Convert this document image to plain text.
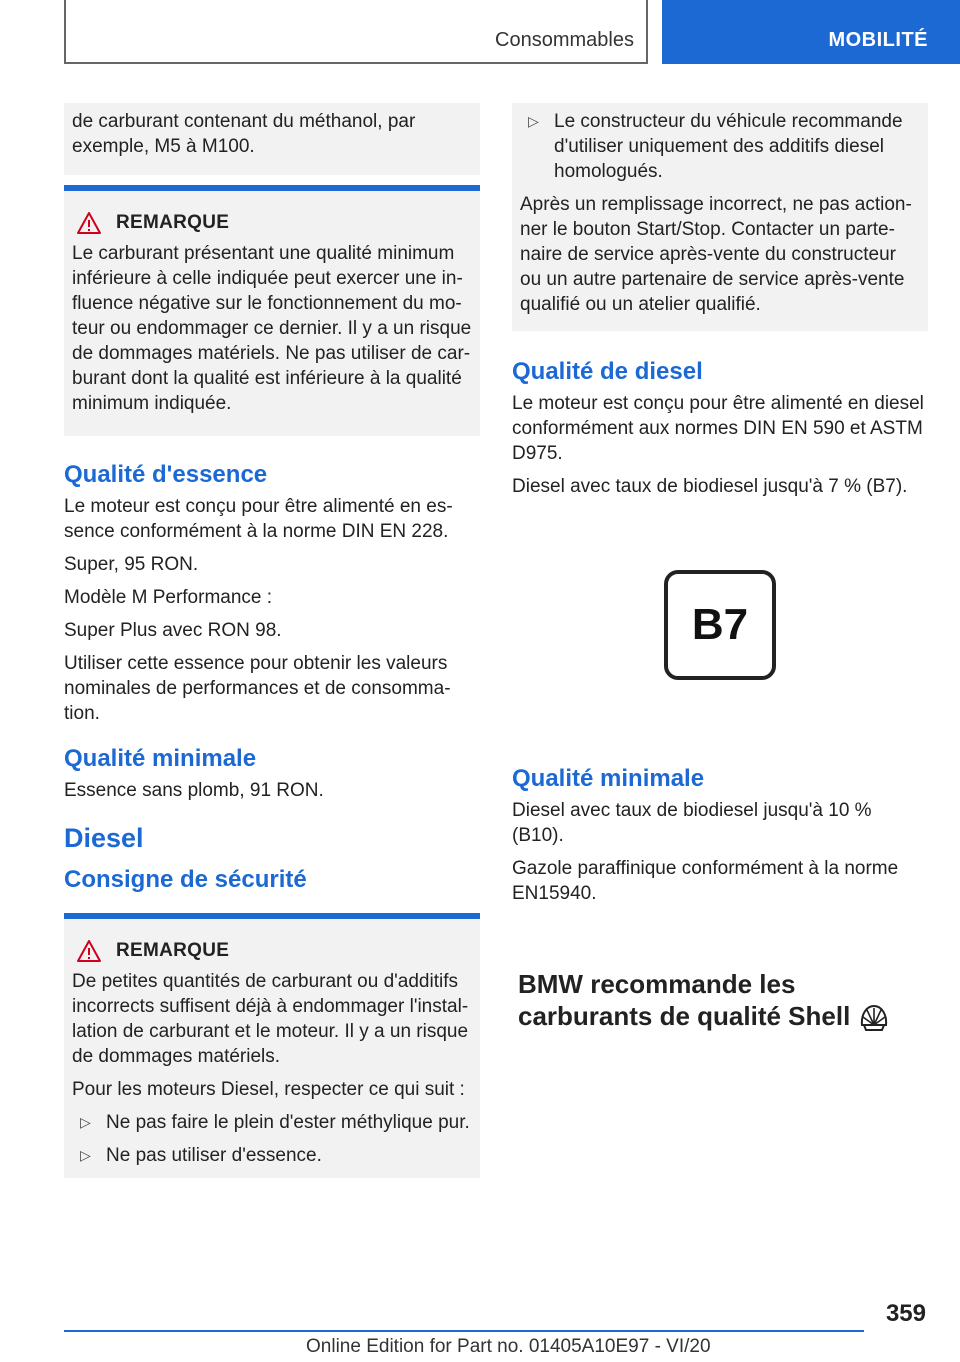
Consommables	MOBILITÉ

de carburant contenant du méthanol, par exemple, M5 à M100.

REMARQUE

Le carburant présentant une qualité minimum inférieure à celle indiquée peut exercer une influence négative sur le fonctionnement du moteur ou endommager ce dernier. Il y a un risque de dommages matériels. Ne pas utiliser de carburant dont la qualité est inférieure à la qualité minimum indiquée.

Qualité d'essence

Le moteur est conçu pour être alimenté en essence conformément à la norme DIN EN 228.

Super, 95 RON.

Modèle M Performance :

Super Plus avec RON 98.

Utiliser cette essence pour obtenir les valeurs nominales de performances et de consommation.

Qualité minimale

Essence sans plomb, 91 RON.

Diesel
Consigne de sécurité
REMARQUE

De petites quantités de carburant ou d'additifs incorrects suffisent déjà à endommager l'installation de carburant et le moteur. Il y a un risque de dommages matériels.

Pour les moteurs Diesel, respecter ce qui suit :

▷ Ne pas faire le plein d'ester méthylique pur.
▷ Ne pas utiliser d'essence.
▷ Le constructeur du véhicule recommande d'utiliser uniquement des additifs diesel homologués.

Après un remplissage incorrect, ne pas actionner le bouton Start/Stop. Contacter un partenaire de service après-vente du constructeur ou un autre partenaire de service après-vente qualifié ou un atelier qualifié.

Qualité de diesel

Le moteur est conçu pour être alimenté en diesel conformément aux normes DIN EN 590 et ASTM D975.

Diesel avec taux de biodiesel jusqu'à 7 % (B7).

B7
Qualité minimale

Diesel avec taux de biodiesel jusqu'à 10 % (B10).

Gazole paraffinique conformément à la norme EN15940.

BMW recommande les
carburants de qualité Shell
359
Online Edition for Part no. 01405A10E97 - VI/20
